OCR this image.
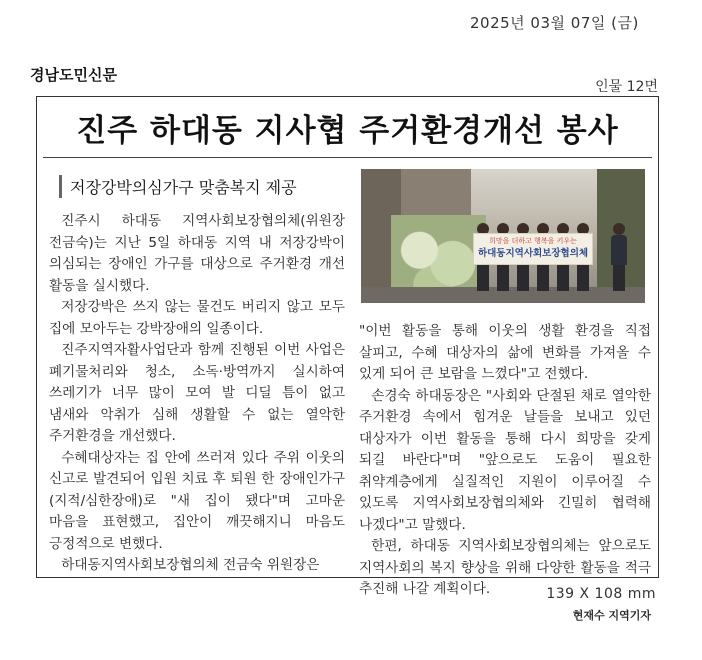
2025년 03월 07일 (금)
경남도민신문
인물 12면
진주 하대동 지사협 주거환경개선 봉사
저장강박의심가구 맞춤복지 제공

진주시 하대동 지역사회보장협의체(위원장 전금숙)는 지난 5일 하대동 지역 내 저장강박이 의심되는 장애인 가구를 대상으로 주거환경 개선 활동을 실시했다.

저장강박은 쓰지 않는 물건도 버리지 않고 모두 집에 모아두는 강박장애의 일종이다.

진주지역자활사업단과 함께 진행된 이번 사업은 폐기물처리와 청소, 소독·방역까지 실시하여 쓰레기가 너무 많이 모여 발 디딜 틈이 없고 냄새와 악취가 심해 생활할 수 없는 열악한 주거환경을 개선했다.

수혜대상자는 집 안에 쓰러져 있다 주위 이웃의 신고로 발견되어 입원 치료 후 퇴원 한 장애인가구(지적/심한장애)로 "새 집이 됐다"며 고마운 마음을 표현했고, 집안이 깨끗해지니 마음도 긍정적으로 변했다.

하대동지역사회보장협의체 전금숙 위원장은

희망을 더하고 행복을 키우는
하대동지역사회보장협의체

"이번 활동을 통해 이웃의 생활 환경을 직접 살피고, 수혜 대상자의 삶에 변화를 가져올 수 있게 되어 큰 보람을 느꼈다"고 전했다.

손경숙 하대동장은 "사회와 단절된 채로 열악한 주거환경 속에서 힘겨운 날들을 보내고 있던 대상자가 이번 활동을 통해 다시 희망을 갖게 되길 바란다"며 "앞으로도 도움이 필요한 취약계층에게 실질적인 지원이 이루어질 수 있도록 지역사회보장협의체와 긴밀히 협력해 나겠다"고 말했다.

한편, 하대동 지역사회보장협의체는 앞으로도 지역사회의 복지 향상을 위해 다양한 활동을 적극 추진해 나갈 계획이다.

현재수 지역기자
139 X 108 mm
